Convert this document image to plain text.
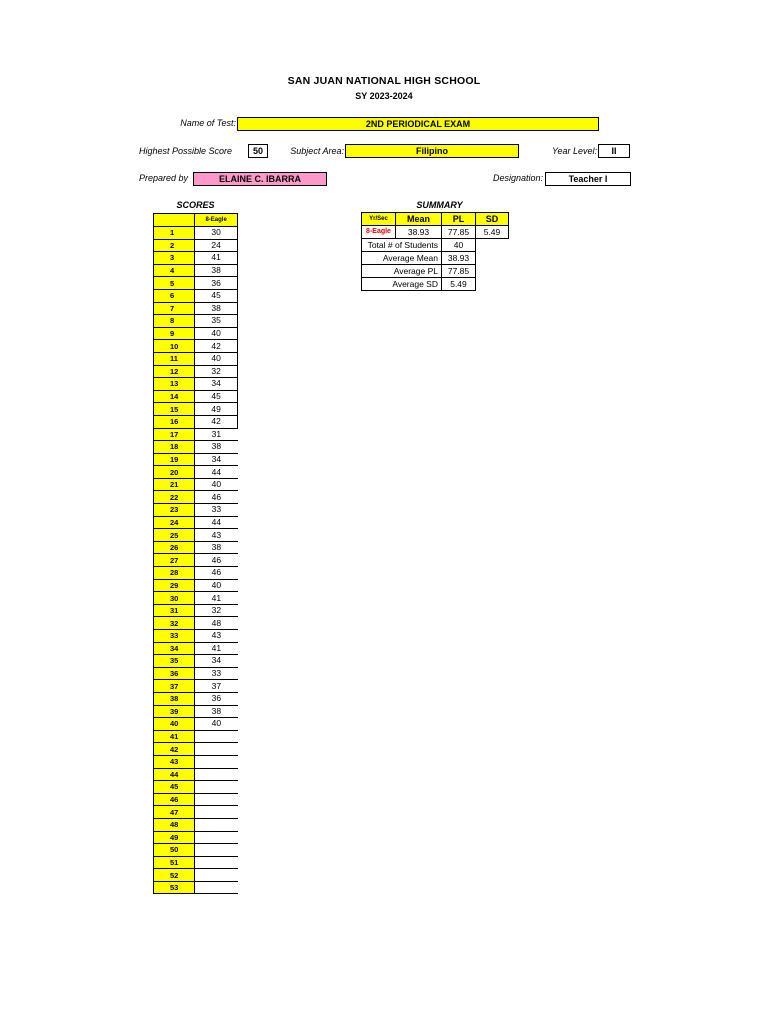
SAN JUAN NATIONAL HIGH SCHOOL
SY 2023-2024
Name of Test:	2ND PERIODICAL EXAM
Highest Possible Score	50	Subject Area:	Filipino	Year Level:	II
Prepared by	ELAINE C. IBARRA	Designation:	Teacher I
SCORES
	8-Eagle
1	30
2	24
3	41
4	38
5	36
6	45
7	38
8	35
9	40
10	42
11	40
12	32
13	34
14	45
15	49
16	42
17	31
18	38
19	34
20	44
21	40
22	46
23	33
24	44
25	43
26	38
27	46
28	46
29	40
30	41
31	32
32	48
33	43
34	41
35	34
36	33
37	37
38	36
39	38
40	40
41	
42	
43	
44	
45	
46	
47	
48	
49	
50	
51	
52	
53	
SUMMARY
Yr/Sec	Mean	PL	SD
8-Eagle	38.93	77.85	5.49
Total # of Students		40	
Average Mean		38.93	
Average PL		77.85	
Average SD		5.49	
